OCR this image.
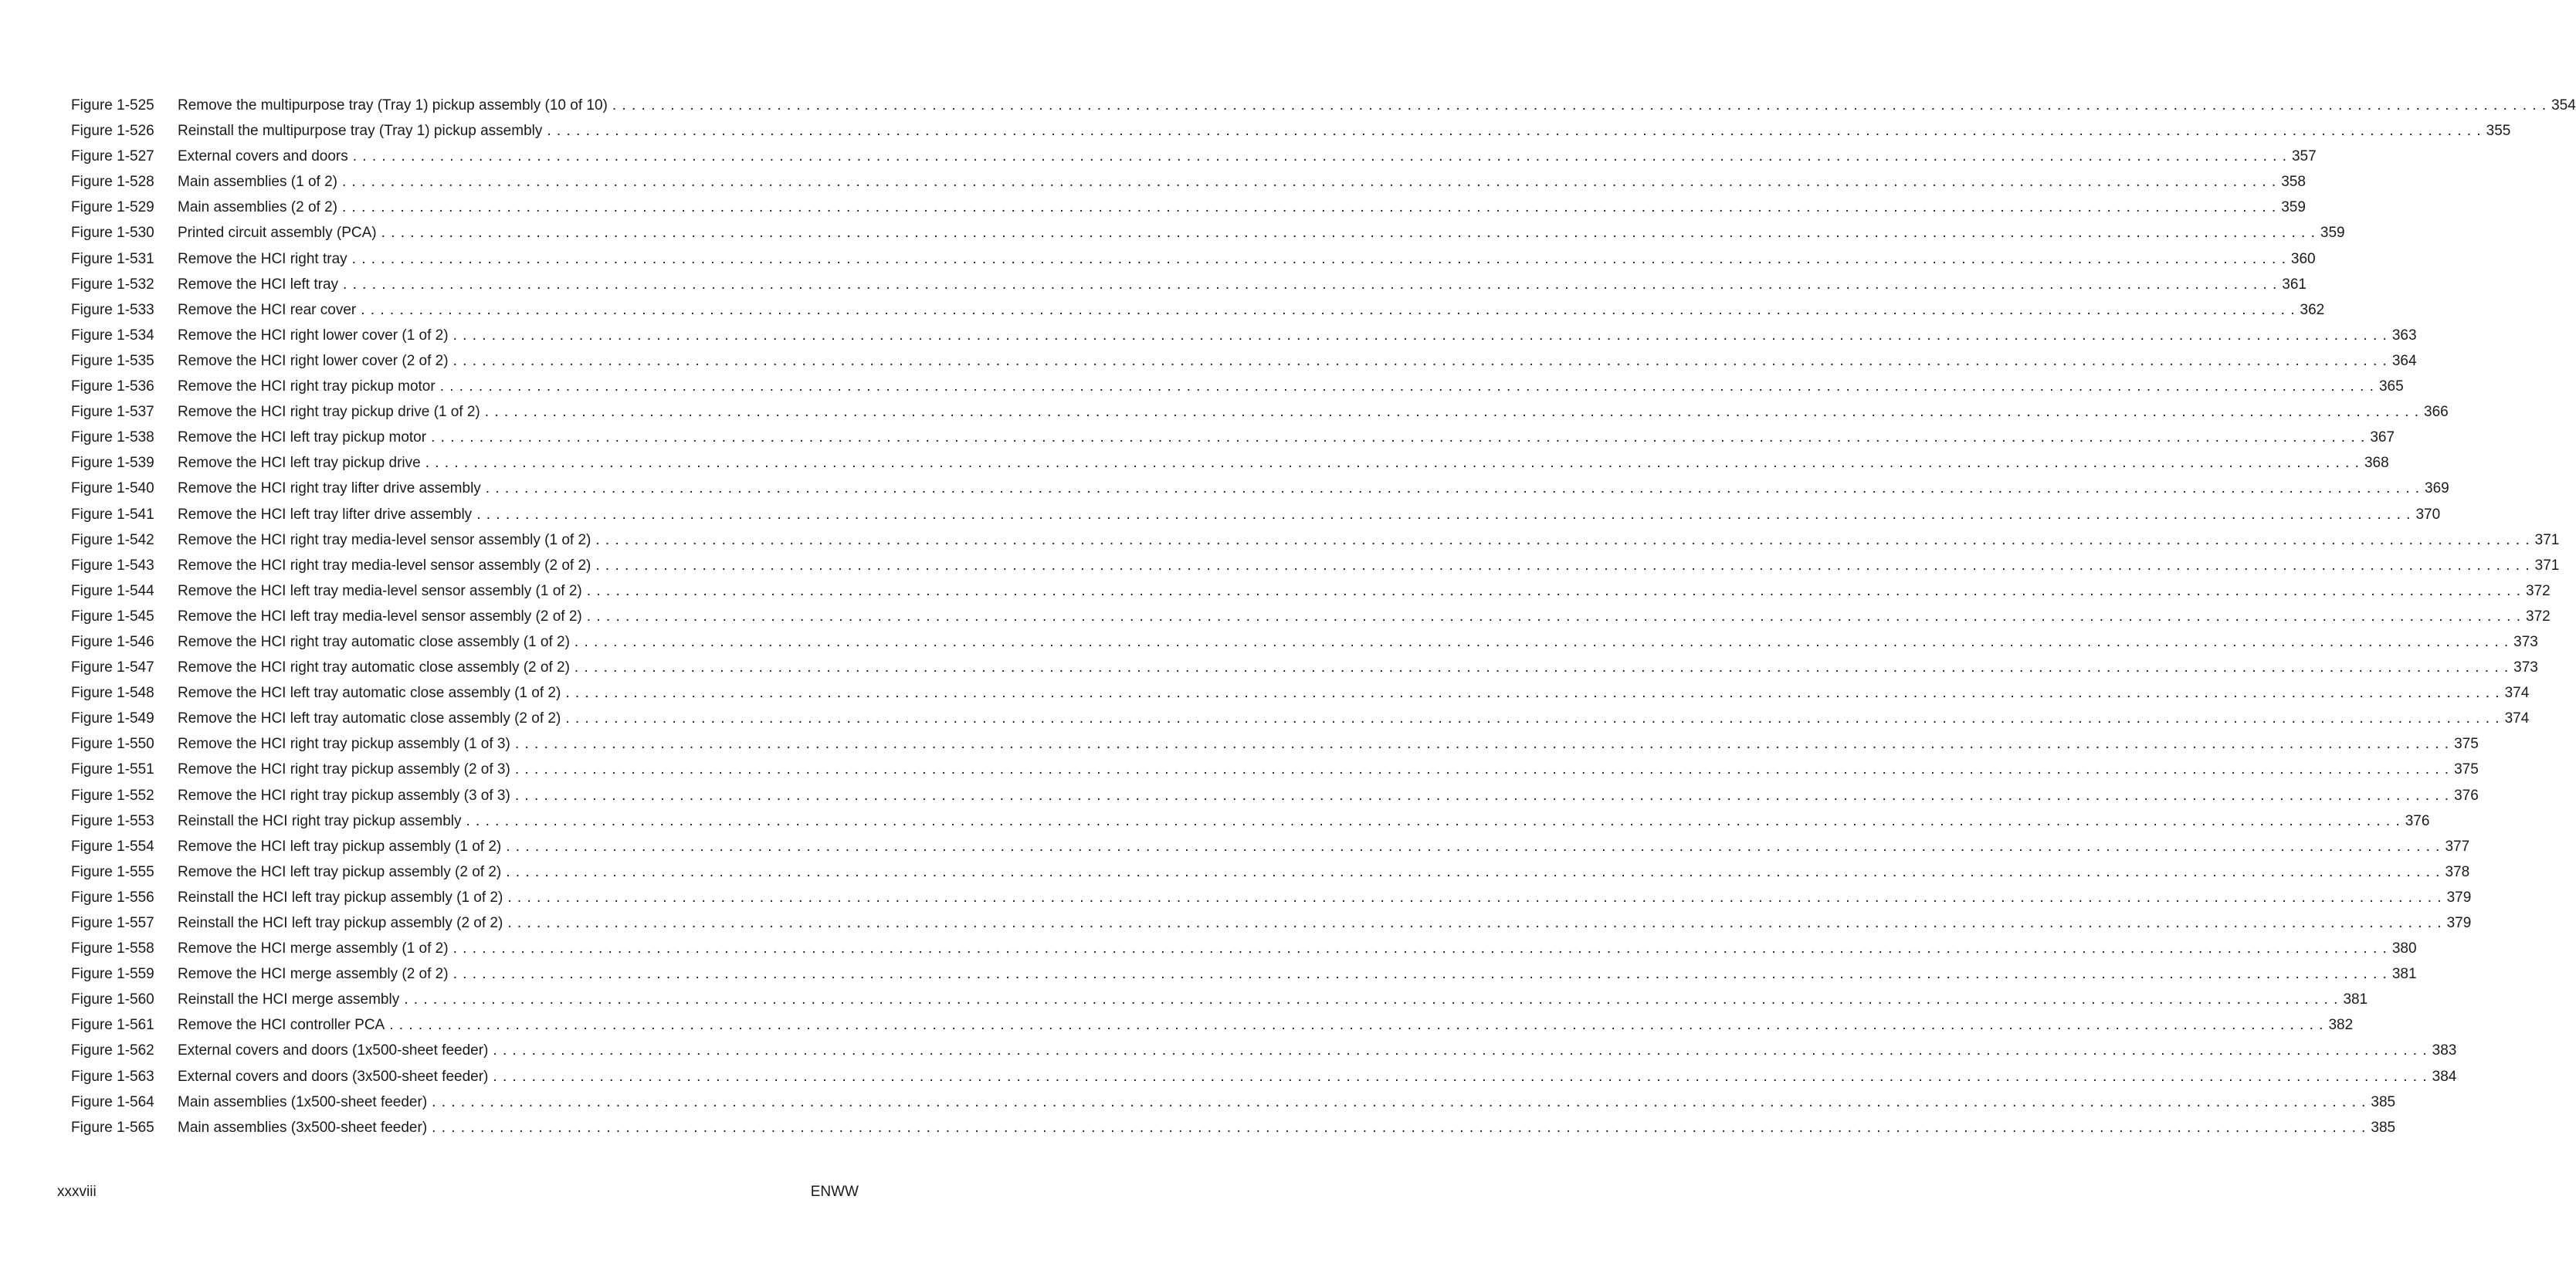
Figure 1-525	Remove the multipurpose tray (Tray 1) pickup assembly (10 of 10) . . . . . . . . . . . . . . . . . . . . . . . . . . . . . . . . . . . . . . . . . . . . . . . . . . . . . . . . . . . . . . . . . . . . . . . . . . . . . . . . . . . . . . . . . . . . . . . . . . . . . . . . . . . . . . . . . . . . . . . . . . . . . . . . . . . . . . . . . . . . . . . . . . . . . . . . . . . . . . . . . . . . . . . . . . . . . . . . . . . . . . . . . . . . . . . . . . . . . . . . 354
Figure 1-526	Reinstall the multipurpose tray (Tray 1) pickup assembly . . . . . . . . . . . . . . . . . . . . . . . . . . . . . . . . . . . . . . . . . . . . . . . . . . . . . . . . . . . . . . . . . . . . . . . . . . . . . . . . . . . . . . . . . . . . . . . . . . . . . . . . . . . . . . . . . . . . . . . . . . . . . . . . . . . . . . . . . . . . . . . . . . . . . . . . . . . . . . . . . . . . . . . . . . . . . . . . . . . . . . . . . . . . . . . . . . . . . . . . 355
Figure 1-527	External covers and doors . . . . . . . . . . . . . . . . . . . . . . . . . . . . . . . . . . . . . . . . . . . . . . . . . . . . . . . . . . . . . . . . . . . . . . . . . . . . . . . . . . . . . . . . . . . . . . . . . . . . . . . . . . . . . . . . . . . . . . . . . . . . . . . . . . . . . . . . . . . . . . . . . . . . . . . . . . . . . . . . . . . . . . . . . . . . . . . . . . . . . . . . . . . . . . . . . . . . . . . . 357
Figure 1-528	Main assemblies (1 of 2) . . . . . . . . . . . . . . . . . . . . . . . . . . . . . . . . . . . . . . . . . . . . . . . . . . . . . . . . . . . . . . . . . . . . . . . . . . . . . . . . . . . . . . . . . . . . . . . . . . . . . . . . . . . . . . . . . . . . . . . . . . . . . . . . . . . . . . . . . . . . . . . . . . . . . . . . . . . . . . . . . . . . . . . . . . . . . . . . . . . . . . . . . . . . . . . . . . . . . . . . 358
Figure 1-529	Main assemblies (2 of 2) . . . . . . . . . . . . . . . . . . . . . . . . . . . . . . . . . . . . . . . . . . . . . . . . . . . . . . . . . . . . . . . . . . . . . . . . . . . . . . . . . . . . . . . . . . . . . . . . . . . . . . . . . . . . . . . . . . . . . . . . . . . . . . . . . . . . . . . . . . . . . . . . . . . . . . . . . . . . . . . . . . . . . . . . . . . . . . . . . . . . . . . . . . . . . . . . . . . . . . . . 359
Figure 1-530	Printed circuit assembly (PCA) . . . . . . . . . . . . . . . . . . . . . . . . . . . . . . . . . . . . . . . . . . . . . . . . . . . . . . . . . . . . . . . . . . . . . . . . . . . . . . . . . . . . . . . . . . . . . . . . . . . . . . . . . . . . . . . . . . . . . . . . . . . . . . . . . . . . . . . . . . . . . . . . . . . . . . . . . . . . . . . . . . . . . . . . . . . . . . . . . . . . . . . . . . . . . . . . . . . . . . . . 359
Figure 1-531	Remove the HCI right tray . . . . . . . . . . . . . . . . . . . . . . . . . . . . . . . . . . . . . . . . . . . . . . . . . . . . . . . . . . . . . . . . . . . . . . . . . . . . . . . . . . . . . . . . . . . . . . . . . . . . . . . . . . . . . . . . . . . . . . . . . . . . . . . . . . . . . . . . . . . . . . . . . . . . . . . . . . . . . . . . . . . . . . . . . . . . . . . . . . . . . . . . . . . . . . . . . . . . . . . . 360
Figure 1-532	Remove the HCI left tray . . . . . . . . . . . . . . . . . . . . . . . . . . . . . . . . . . . . . . . . . . . . . . . . . . . . . . . . . . . . . . . . . . . . . . . . . . . . . . . . . . . . . . . . . . . . . . . . . . . . . . . . . . . . . . . . . . . . . . . . . . . . . . . . . . . . . . . . . . . . . . . . . . . . . . . . . . . . . . . . . . . . . . . . . . . . . . . . . . . . . . . . . . . . . . . . . . . . . . . . 361
Figure 1-533	Remove the HCI rear cover . . . . . . . . . . . . . . . . . . . . . . . . . . . . . . . . . . . . . . . . . . . . . . . . . . . . . . . . . . . . . . . . . . . . . . . . . . . . . . . . . . . . . . . . . . . . . . . . . . . . . . . . . . . . . . . . . . . . . . . . . . . . . . . . . . . . . . . . . . . . . . . . . . . . . . . . . . . . . . . . . . . . . . . . . . . . . . . . . . . . . . . . . . . . . . . . . . . . . . . . 362
Figure 1-534	Remove the HCI right lower cover (1 of 2) . . . . . . . . . . . . . . . . . . . . . . . . . . . . . . . . . . . . . . . . . . . . . . . . . . . . . . . . . . . . . . . . . . . . . . . . . . . . . . . . . . . . . . . . . . . . . . . . . . . . . . . . . . . . . . . . . . . . . . . . . . . . . . . . . . . . . . . . . . . . . . . . . . . . . . . . . . . . . . . . . . . . . . . . . . . . . . . . . . . . . . . . . . . . . . . . . . . . . . . . 363
Figure 1-535	Remove the HCI right lower cover (2 of 2) . . . . . . . . . . . . . . . . . . . . . . . . . . . . . . . . . . . . . . . . . . . . . . . . . . . . . . . . . . . . . . . . . . . . . . . . . . . . . . . . . . . . . . . . . . . . . . . . . . . . . . . . . . . . . . . . . . . . . . . . . . . . . . . . . . . . . . . . . . . . . . . . . . . . . . . . . . . . . . . . . . . . . . . . . . . . . . . . . . . . . . . . . . . . . . . . . . . . . . . . 364
Figure 1-536	Remove the HCI right tray pickup motor . . . . . . . . . . . . . . . . . . . . . . . . . . . . . . . . . . . . . . . . . . . . . . . . . . . . . . . . . . . . . . . . . . . . . . . . . . . . . . . . . . . . . . . . . . . . . . . . . . . . . . . . . . . . . . . . . . . . . . . . . . . . . . . . . . . . . . . . . . . . . . . . . . . . . . . . . . . . . . . . . . . . . . . . . . . . . . . . . . . . . . . . . . . . . . . . . . . . . . . . 365
Figure 1-537	Remove the HCI right tray pickup drive (1 of 2) . . . . . . . . . . . . . . . . . . . . . . . . . . . . . . . . . . . . . . . . . . . . . . . . . . . . . . . . . . . . . . . . . . . . . . . . . . . . . . . . . . . . . . . . . . . . . . . . . . . . . . . . . . . . . . . . . . . . . . . . . . . . . . . . . . . . . . . . . . . . . . . . . . . . . . . . . . . . . . . . . . . . . . . . . . . . . . . . . . . . . . . . . . . . . . . . . . . . . . . . 366
Figure 1-538	Remove the HCI left tray pickup motor . . . . . . . . . . . . . . . . . . . . . . . . . . . . . . . . . . . . . . . . . . . . . . . . . . . . . . . . . . . . . . . . . . . . . . . . . . . . . . . . . . . . . . . . . . . . . . . . . . . . . . . . . . . . . . . . . . . . . . . . . . . . . . . . . . . . . . . . . . . . . . . . . . . . . . . . . . . . . . . . . . . . . . . . . . . . . . . . . . . . . . . . . . . . . . . . . . . . . . . . 367
Figure 1-539	Remove the HCI left tray pickup drive . . . . . . . . . . . . . . . . . . . . . . . . . . . . . . . . . . . . . . . . . . . . . . . . . . . . . . . . . . . . . . . . . . . . . . . . . . . . . . . . . . . . . . . . . . . . . . . . . . . . . . . . . . . . . . . . . . . . . . . . . . . . . . . . . . . . . . . . . . . . . . . . . . . . . . . . . . . . . . . . . . . . . . . . . . . . . . . . . . . . . . . . . . . . . . . . . . . . . . . . 368
Figure 1-540	Remove the HCI right tray lifter drive assembly . . . . . . . . . . . . . . . . . . . . . . . . . . . . . . . . . . . . . . . . . . . . . . . . . . . . . . . . . . . . . . . . . . . . . . . . . . . . . . . . . . . . . . . . . . . . . . . . . . . . . . . . . . . . . . . . . . . . . . . . . . . . . . . . . . . . . . . . . . . . . . . . . . . . . . . . . . . . . . . . . . . . . . . . . . . . . . . . . . . . . . . . . . . . . . . . . . . . . . . . 369
Figure 1-541	Remove the HCI left tray lifter drive assembly . . . . . . . . . . . . . . . . . . . . . . . . . . . . . . . . . . . . . . . . . . . . . . . . . . . . . . . . . . . . . . . . . . . . . . . . . . . . . . . . . . . . . . . . . . . . . . . . . . . . . . . . . . . . . . . . . . . . . . . . . . . . . . . . . . . . . . . . . . . . . . . . . . . . . . . . . . . . . . . . . . . . . . . . . . . . . . . . . . . . . . . . . . . . . . . . . . . . . . . . 370
Figure 1-542	Remove the HCI right tray media-level sensor assembly (1 of 2) . . . . . . . . . . . . . . . . . . . . . . . . . . . . . . . . . . . . . . . . . . . . . . . . . . . . . . . . . . . . . . . . . . . . . . . . . . . . . . . . . . . . . . . . . . . . . . . . . . . . . . . . . . . . . . . . . . . . . . . . . . . . . . . . . . . . . . . . . . . . . . . . . . . . . . . . . . . . . . . . . . . . . . . . . . . . . . . . . . . . . . . . . . . . . . . . . . . . . . . . 371
Figure 1-543	Remove the HCI right tray media-level sensor assembly (2 of 2) . . . . . . . . . . . . . . . . . . . . . . . . . . . . . . . . . . . . . . . . . . . . . . . . . . . . . . . . . . . . . . . . . . . . . . . . . . . . . . . . . . . . . . . . . . . . . . . . . . . . . . . . . . . . . . . . . . . . . . . . . . . . . . . . . . . . . . . . . . . . . . . . . . . . . . . . . . . . . . . . . . . . . . . . . . . . . . . . . . . . . . . . . . . . . . . . . . . . . . . . 371
Figure 1-544	Remove the HCI left tray media-level sensor assembly (1 of 2) . . . . . . . . . . . . . . . . . . . . . . . . . . . . . . . . . . . . . . . . . . . . . . . . . . . . . . . . . . . . . . . . . . . . . . . . . . . . . . . . . . . . . . . . . . . . . . . . . . . . . . . . . . . . . . . . . . . . . . . . . . . . . . . . . . . . . . . . . . . . . . . . . . . . . . . . . . . . . . . . . . . . . . . . . . . . . . . . . . . . . . . . . . . . . . . . . . . . . . . . 372
Figure 1-545	Remove the HCI left tray media-level sensor assembly (2 of 2) . . . . . . . . . . . . . . . . . . . . . . . . . . . . . . . . . . . . . . . . . . . . . . . . . . . . . . . . . . . . . . . . . . . . . . . . . . . . . . . . . . . . . . . . . . . . . . . . . . . . . . . . . . . . . . . . . . . . . . . . . . . . . . . . . . . . . . . . . . . . . . . . . . . . . . . . . . . . . . . . . . . . . . . . . . . . . . . . . . . . . . . . . . . . . . . . . . . . . . . . 372
Figure 1-546	Remove the HCI right tray automatic close assembly (1 of 2) . . . . . . . . . . . . . . . . . . . . . . . . . . . . . . . . . . . . . . . . . . . . . . . . . . . . . . . . . . . . . . . . . . . . . . . . . . . . . . . . . . . . . . . . . . . . . . . . . . . . . . . . . . . . . . . . . . . . . . . . . . . . . . . . . . . . . . . . . . . . . . . . . . . . . . . . . . . . . . . . . . . . . . . . . . . . . . . . . . . . . . . . . . . . . . . . . . . . . . . . 373
Figure 1-547	Remove the HCI right tray automatic close assembly (2 of 2) . . . . . . . . . . . . . . . . . . . . . . . . . . . . . . . . . . . . . . . . . . . . . . . . . . . . . . . . . . . . . . . . . . . . . . . . . . . . . . . . . . . . . . . . . . . . . . . . . . . . . . . . . . . . . . . . . . . . . . . . . . . . . . . . . . . . . . . . . . . . . . . . . . . . . . . . . . . . . . . . . . . . . . . . . . . . . . . . . . . . . . . . . . . . . . . . . . . . . . . . 373
Figure 1-548	Remove the HCI left tray automatic close assembly (1 of 2) . . . . . . . . . . . . . . . . . . . . . . . . . . . . . . . . . . . . . . . . . . . . . . . . . . . . . . . . . . . . . . . . . . . . . . . . . . . . . . . . . . . . . . . . . . . . . . . . . . . . . . . . . . . . . . . . . . . . . . . . . . . . . . . . . . . . . . . . . . . . . . . . . . . . . . . . . . . . . . . . . . . . . . . . . . . . . . . . . . . . . . . . . . . . . . . . . . . . . . . . 374
Figure 1-549	Remove the HCI left tray automatic close assembly (2 of 2) . . . . . . . . . . . . . . . . . . . . . . . . . . . . . . . . . . . . . . . . . . . . . . . . . . . . . . . . . . . . . . . . . . . . . . . . . . . . . . . . . . . . . . . . . . . . . . . . . . . . . . . . . . . . . . . . . . . . . . . . . . . . . . . . . . . . . . . . . . . . . . . . . . . . . . . . . . . . . . . . . . . . . . . . . . . . . . . . . . . . . . . . . . . . . . . . . . . . . . . . 374
Figure 1-550	Remove the HCI right tray pickup assembly (1 of 3) . . . . . . . . . . . . . . . . . . . . . . . . . . . . . . . . . . . . . . . . . . . . . . . . . . . . . . . . . . . . . . . . . . . . . . . . . . . . . . . . . . . . . . . . . . . . . . . . . . . . . . . . . . . . . . . . . . . . . . . . . . . . . . . . . . . . . . . . . . . . . . . . . . . . . . . . . . . . . . . . . . . . . . . . . . . . . . . . . . . . . . . . . . . . . . . . . . . . . . . . 375
Figure 1-551	Remove the HCI right tray pickup assembly (2 of 3) . . . . . . . . . . . . . . . . . . . . . . . . . . . . . . . . . . . . . . . . . . . . . . . . . . . . . . . . . . . . . . . . . . . . . . . . . . . . . . . . . . . . . . . . . . . . . . . . . . . . . . . . . . . . . . . . . . . . . . . . . . . . . . . . . . . . . . . . . . . . . . . . . . . . . . . . . . . . . . . . . . . . . . . . . . . . . . . . . . . . . . . . . . . . . . . . . . . . . . . . 375
Figure 1-552	Remove the HCI right tray pickup assembly (3 of 3) . . . . . . . . . . . . . . . . . . . . . . . . . . . . . . . . . . . . . . . . . . . . . . . . . . . . . . . . . . . . . . . . . . . . . . . . . . . . . . . . . . . . . . . . . . . . . . . . . . . . . . . . . . . . . . . . . . . . . . . . . . . . . . . . . . . . . . . . . . . . . . . . . . . . . . . . . . . . . . . . . . . . . . . . . . . . . . . . . . . . . . . . . . . . . . . . . . . . . . . . 376
Figure 1-553	Reinstall the HCI right tray pickup assembly . . . . . . . . . . . . . . . . . . . . . . . . . . . . . . . . . . . . . . . . . . . . . . . . . . . . . . . . . . . . . . . . . . . . . . . . . . . . . . . . . . . . . . . . . . . . . . . . . . . . . . . . . . . . . . . . . . . . . . . . . . . . . . . . . . . . . . . . . . . . . . . . . . . . . . . . . . . . . . . . . . . . . . . . . . . . . . . . . . . . . . . . . . . . . . . . . . . . . . . . 376
Figure 1-554	Remove the HCI left tray pickup assembly (1 of 2) . . . . . . . . . . . . . . . . . . . . . . . . . . . . . . . . . . . . . . . . . . . . . . . . . . . . . . . . . . . . . . . . . . . . . . . . . . . . . . . . . . . . . . . . . . . . . . . . . . . . . . . . . . . . . . . . . . . . . . . . . . . . . . . . . . . . . . . . . . . . . . . . . . . . . . . . . . . . . . . . . . . . . . . . . . . . . . . . . . . . . . . . . . . . . . . . . . . . . . . . 377
Figure 1-555	Remove the HCI left tray pickup assembly (2 of 2) . . . . . . . . . . . . . . . . . . . . . . . . . . . . . . . . . . . . . . . . . . . . . . . . . . . . . . . . . . . . . . . . . . . . . . . . . . . . . . . . . . . . . . . . . . . . . . . . . . . . . . . . . . . . . . . . . . . . . . . . . . . . . . . . . . . . . . . . . . . . . . . . . . . . . . . . . . . . . . . . . . . . . . . . . . . . . . . . . . . . . . . . . . . . . . . . . . . . . . . . 378
Figure 1-556	Reinstall the HCI left tray pickup assembly (1 of 2) . . . . . . . . . . . . . . . . . . . . . . . . . . . . . . . . . . . . . . . . . . . . . . . . . . . . . . . . . . . . . . . . . . . . . . . . . . . . . . . . . . . . . . . . . . . . . . . . . . . . . . . . . . . . . . . . . . . . . . . . . . . . . . . . . . . . . . . . . . . . . . . . . . . . . . . . . . . . . . . . . . . . . . . . . . . . . . . . . . . . . . . . . . . . . . . . . . . . . . . . 379
Figure 1-557	Reinstall the HCI left tray pickup assembly (2 of 2) . . . . . . . . . . . . . . . . . . . . . . . . . . . . . . . . . . . . . . . . . . . . . . . . . . . . . . . . . . . . . . . . . . . . . . . . . . . . . . . . . . . . . . . . . . . . . . . . . . . . . . . . . . . . . . . . . . . . . . . . . . . . . . . . . . . . . . . . . . . . . . . . . . . . . . . . . . . . . . . . . . . . . . . . . . . . . . . . . . . . . . . . . . . . . . . . . . . . . . . . 379
Figure 1-558	Remove the HCI merge assembly (1 of 2) . . . . . . . . . . . . . . . . . . . . . . . . . . . . . . . . . . . . . . . . . . . . . . . . . . . . . . . . . . . . . . . . . . . . . . . . . . . . . . . . . . . . . . . . . . . . . . . . . . . . . . . . . . . . . . . . . . . . . . . . . . . . . . . . . . . . . . . . . . . . . . . . . . . . . . . . . . . . . . . . . . . . . . . . . . . . . . . . . . . . . . . . . . . . . . . . . . . . . . . . 380
Figure 1-559	Remove the HCI merge assembly (2 of 2) . . . . . . . . . . . . . . . . . . . . . . . . . . . . . . . . . . . . . . . . . . . . . . . . . . . . . . . . . . . . . . . . . . . . . . . . . . . . . . . . . . . . . . . . . . . . . . . . . . . . . . . . . . . . . . . . . . . . . . . . . . . . . . . . . . . . . . . . . . . . . . . . . . . . . . . . . . . . . . . . . . . . . . . . . . . . . . . . . . . . . . . . . . . . . . . . . . . . . . . . 381
Figure 1-560	Reinstall the HCI merge assembly . . . . . . . . . . . . . . . . . . . . . . . . . . . . . . . . . . . . . . . . . . . . . . . . . . . . . . . . . . . . . . . . . . . . . . . . . . . . . . . . . . . . . . . . . . . . . . . . . . . . . . . . . . . . . . . . . . . . . . . . . . . . . . . . . . . . . . . . . . . . . . . . . . . . . . . . . . . . . . . . . . . . . . . . . . . . . . . . . . . . . . . . . . . . . . . . . . . . . . . . 381
Figure 1-561	Remove the HCI controller PCA . . . . . . . . . . . . . . . . . . . . . . . . . . . . . . . . . . . . . . . . . . . . . . . . . . . . . . . . . . . . . . . . . . . . . . . . . . . . . . . . . . . . . . . . . . . . . . . . . . . . . . . . . . . . . . . . . . . . . . . . . . . . . . . . . . . . . . . . . . . . . . . . . . . . . . . . . . . . . . . . . . . . . . . . . . . . . . . . . . . . . . . . . . . . . . . . . . . . . . . . 382
Figure 1-562	External covers and doors (1x500-sheet feeder) . . . . . . . . . . . . . . . . . . . . . . . . . . . . . . . . . . . . . . . . . . . . . . . . . . . . . . . . . . . . . . . . . . . . . . . . . . . . . . . . . . . . . . . . . . . . . . . . . . . . . . . . . . . . . . . . . . . . . . . . . . . . . . . . . . . . . . . . . . . . . . . . . . . . . . . . . . . . . . . . . . . . . . . . . . . . . . . . . . . . . . . . . . . . . . . . . . . . . . . . 383
Figure 1-563	External covers and doors (3x500-sheet feeder) . . . . . . . . . . . . . . . . . . . . . . . . . . . . . . . . . . . . . . . . . . . . . . . . . . . . . . . . . . . . . . . . . . . . . . . . . . . . . . . . . . . . . . . . . . . . . . . . . . . . . . . . . . . . . . . . . . . . . . . . . . . . . . . . . . . . . . . . . . . . . . . . . . . . . . . . . . . . . . . . . . . . . . . . . . . . . . . . . . . . . . . . . . . . . . . . . . . . . . . . 384
Figure 1-564	Main assemblies (1x500-sheet feeder) . . . . . . . . . . . . . . . . . . . . . . . . . . . . . . . . . . . . . . . . . . . . . . . . . . . . . . . . . . . . . . . . . . . . . . . . . . . . . . . . . . . . . . . . . . . . . . . . . . . . . . . . . . . . . . . . . . . . . . . . . . . . . . . . . . . . . . . . . . . . . . . . . . . . . . . . . . . . . . . . . . . . . . . . . . . . . . . . . . . . . . . . . . . . . . . . . . . . . . . . 385
Figure 1-565	Main assemblies (3x500-sheet feeder) . . . . . . . . . . . . . . . . . . . . . . . . . . . . . . . . . . . . . . . . . . . . . . . . . . . . . . . . . . . . . . . . . . . . . . . . . . . . . . . . . . . . . . . . . . . . . . . . . . . . . . . . . . . . . . . . . . . . . . . . . . . . . . . . . . . . . . . . . . . . . . . . . . . . . . . . . . . . . . . . . . . . . . . . . . . . . . . . . . . . . . . . . . . . . . . . . . . . . . . . 385
xxxviii	ENWW
